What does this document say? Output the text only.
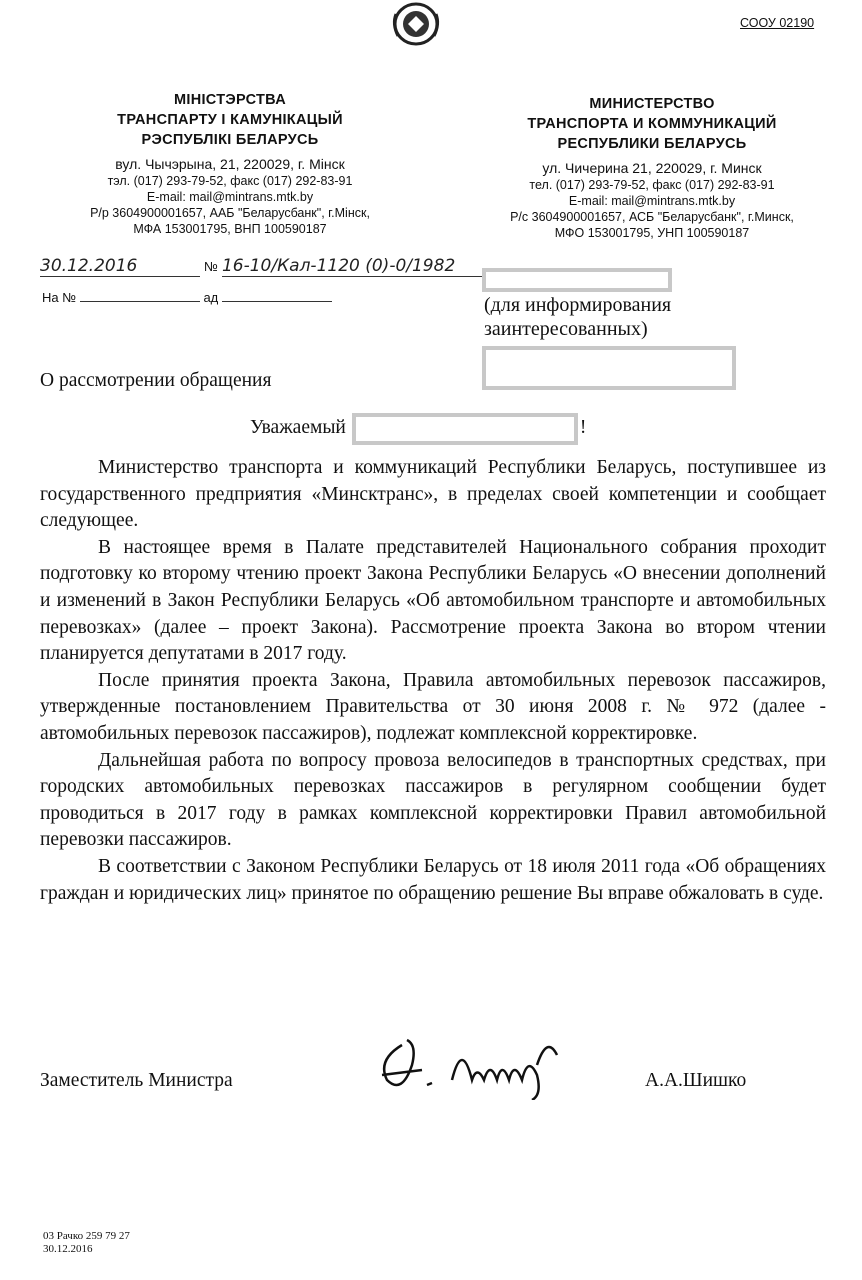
СООУ 02190
МІНІСТЭРСТВА
ТРАНСПАРТУ І КАМУНІКАЦЫЙ
РЭСПУБЛІКІ БЕЛАРУСЬ
вул. Чычэрына, 21, 220029, г. Мінск
тэл. (017) 293-79-52, факс (017) 292-83-91
E-mail: mail@mintrans.mtk.by
Р/р 3604900001657, ААБ "Беларусбанк", г.Мінск,
МФА 153001795, ВНП 100590187
МИНИСТЕРСТВО
ТРАНСПОРТА И КОММУНИКАЦИЙ
РЕСПУБЛИКИ БЕЛАРУСЬ
ул. Чичерина 21, 220029, г. Минск
тел. (017) 293-79-52, факс (017) 292-83-91
E-mail: mail@mintrans.mtk.by
Р/с 3604900001657, АСБ "Беларусбанк", г.Минск,
МФО 153001795, УНП 100590187
30.12.2016	№ 16-10/Кал-1120 (0)-0/1982
На №	ад	(для информирования заинтересованных)
О рассмотрении обращения
Уважаемый	!

Министерство транспорта и коммуникаций Республики Беларусь, поступившее из государственного предприятия «Минсктранс», в пределах своей компетенции и сообщает следующее.

В настоящее время в Палате представителей Национального собрания проходит подготовку ко второму чтению проект Закона Республики Беларусь «О внесении дополнений и изменений в Закон Республики Беларусь «Об автомобильном транспорте и автомобильных перевозках» (далее – проект Закона). Рассмотрение проекта Закона во втором чтении планируется депутатами в 2017 году.

После принятия проекта Закона, Правила автомобильных перевозок пассажиров, утвержденные постановлением Правительства от 30 июня 2008 г. № 972 (далее - автомобильных перевозок пассажиров), подлежат комплексной корректировке.

Дальнейшая работа по вопросу провоза велосипедов в транспортных средствах, при городских автомобильных перевозках пассажиров в регулярном сообщении будет проводиться в 2017 году в рамках комплексной корректировки Правил автомобильной перевозки пассажиров.

В соответствии с Законом Республики Беларусь от 18 июля 2011 года «Об обращениях граждан и юридических лиц» принятое по обращению решение Вы вправе обжаловать в суде.

Заместитель Министра	А.А.Шишко
03 Рачко 259 79 27
30.12.2016
